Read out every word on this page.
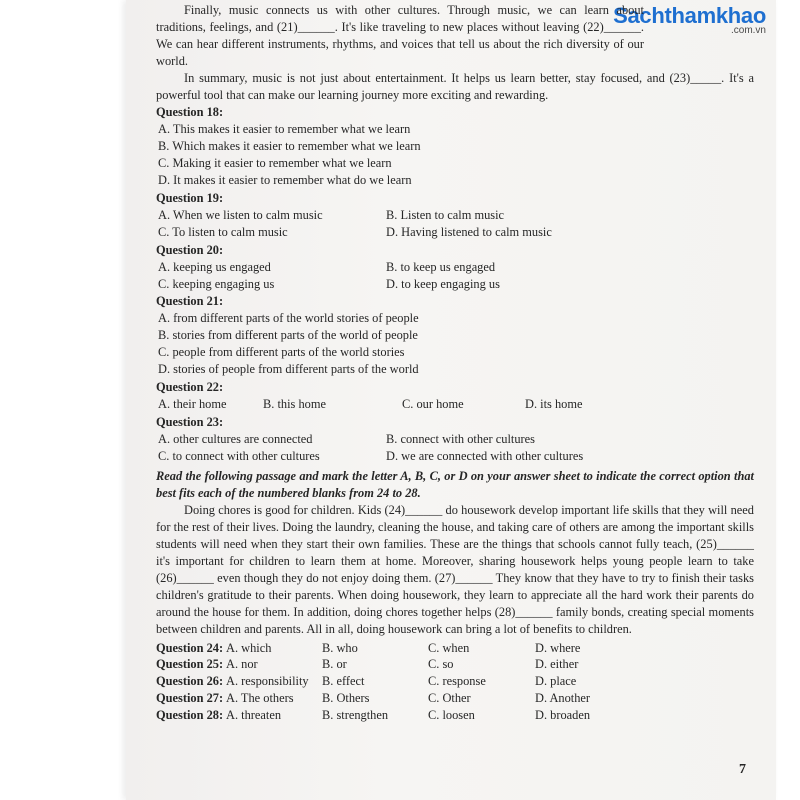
Sachthamkhao
.com.vn

Finally, music connects us with other cultures. Through music, we can learn about traditions, feelings, and (21)______. It's like traveling to new places without leaving (22)______. We can hear different instruments, rhythms, and voices that tell us about the rich diversity of our world.

In summary, music is not just about entertainment. It helps us learn better, stay focused, and (23)_____. It's a powerful tool that can make our learning journey more exciting and rewarding.

Question 18:
A. This makes it easier to remember what we learn
B. Which makes it easier to remember what we learn
C. Making it easier to remember what we learn
D. It makes it easier to remember what do we learn
Question 19:
A. When we listen to calm music	B. Listen to calm music
C. To listen to calm music	D. Having listened to calm music
Question 20:
A. keeping us engaged	B. to keep us engaged
C. keeping engaging us	D. to keep engaging us
Question 21:
A. from different parts of the world stories of people
B. stories from different parts of the world of people
C. people from different parts of the world stories
D. stories of people from different parts of the world
Question 22:
A. their home	B. this home	C. our home	D. its home
Question 23:
A. other cultures are connected	B. connect with other cultures
C. to connect with other cultures	D. we are connected with other cultures
Read the following passage and mark the letter A, B, C, or D on your answer sheet to indicate the correct option that best fits each of the numbered blanks from 24 to 28.

Doing chores is good for children. Kids (24)______ do housework develop important life skills that they will need for the rest of their lives. Doing the laundry, cleaning the house, and taking care of others are among the important skills students will need when they start their own families. These are the things that schools cannot fully teach, (25)______ it's important for children to learn them at home. Moreover, sharing housework helps young people learn to take (26)______ even though they do not enjoy doing them. (27)______ They know that they have to try to finish their tasks children's gratitude to their parents. When doing housework, they learn to appreciate all the hard work their parents do around the house for them. In addition, doing chores together helps (28)______ family bonds, creating special moments between children and parents. All in all, doing housework can bring a lot of benefits to children.

Question 24: A. which	B. who	C. when	D. where
Question 25: A. nor	B. or	C. so	D. either
Question 26: A. responsibility	B. effect	C. response	D. place
Question 27: A. The others	B. Others	C. Other	D. Another
Question 28: A. threaten	B. strengthen	C. loosen	D. broaden
7
